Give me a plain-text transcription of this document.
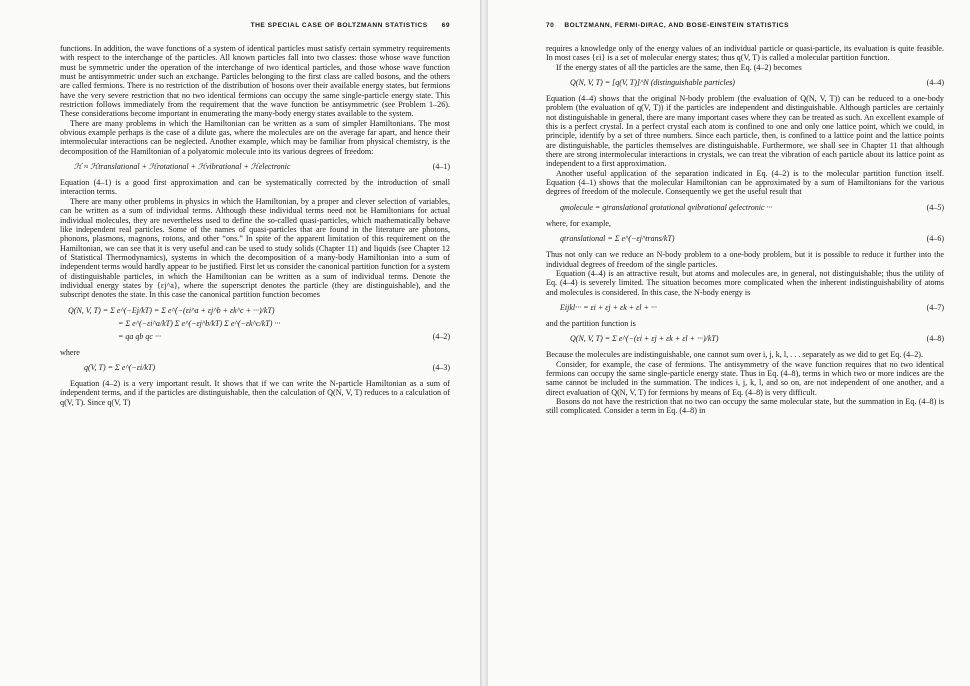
THE SPECIAL CASE OF BOLTZMANN STATISTICS 69

functions. In addition, the wave functions of a system of identical particles must satisfy certain symmetry requirements with respect to the interchange of the particles. All known particles fall into two classes: those whose wave function must be symmetric under the operation of the interchange of two identical particles, and those whose wave function must be antisymmetric under such an exchange. Particles belonging to the first class are called bosons, and the others are called fermions. There is no restriction of the distribution of bosons over their available energy states, but fermions have the very severe restriction that no two identical fermions can occupy the same single-particle energy state. This restriction follows immediately from the requirement that the wave function be antisymmetric (see Problem 1–26). These considerations become important in enumerating the many-body energy states available to the system.

There are many problems in which the Hamiltonian can be written as a sum of simpler Hamiltonians. The most obvious example perhaps is the case of a dilute gas, where the molecules are on the average far apart, and hence their intermolecular interactions can be neglected. Another example, which may be familiar from physical chemistry, is the decomposition of the Hamiltonian of a polyatomic molecule into its various degrees of freedom:

ℋ ≈ ℋtranslational + ℋrotational + ℋvibrational + ℋelectronic	(4–1)

Equation (4–1) is a good first approximation and can be systematically corrected by the introduction of small interaction terms.

There are many other problems in physics in which the Hamiltonian, by a proper and clever selection of variables, can be written as a sum of individual terms. Although these individual terms need not be Hamiltonians for actual individual molecules, they are nevertheless used to define the so-called quasi-particles, which mathematically behave like independent real particles. Some of the names of quasi-particles that are found in the literature are photons, phonons, plasmons, magnons, rotons, and other “ons.” In spite of the apparent limitation of this requirement on the Hamiltonian, we can see that it is very useful and can be used to study solids (Chapter 11) and liquids (see Chapter 12 of Statistical Thermodynamics), systems in which the decomposition of a many-body Hamiltonian into a sum of independent terms would hardly appear to be justified. First let us consider the canonical partition function for a system of distinguishable particles, in which the Hamiltonian can be written as a sum of individual terms. Denote the individual energy states by {εj^a}, where the superscript denotes the particle (they are distinguishable), and the subscript denotes the state. In this case the canonical partition function becomes

Q(N, V, T) = Σ e^(−Ej/kT) = Σ e^(−(εi^a + εj^b + εk^c + ···)/kT)
= Σ e^(−εi^a/kT) Σ e^(−εj^b/kT) Σ e^(−εk^c/kT) ···
= qa qb qc ···	(4–2)

where

q(V, T) = Σ e^(−εi/kT)	(4–3)

Equation (4–2) is a very important result. It shows that if we can write the N-particle Hamiltonian as a sum of independent terms, and if the particles are distinguishable, then the calculation of Q(N, V, T) reduces to a calculation of q(V, T). Since q(V, T)

70 BOLTZMANN, FERMI-DIRAC, AND BOSE-EINSTEIN STATISTICS

requires a knowledge only of the energy values of an individual particle or quasi-particle, its evaluation is quite feasible. In most cases {εi} is a set of molecular energy states; thus q(V, T) is called a molecular partition function.

If the energy states of all the particles are the same, then Eq. (4–2) becomes

Q(N, V, T) = [q(V, T)]^N (distinguishable particles)	(4–4)

Equation (4–4) shows that the original N-body problem (the evaluation of Q(N, V, T)) can be reduced to a one-body problem (the evaluation of q(V, T)) if the particles are independent and distinguishable. Although particles are certainly not distinguishable in general, there are many important cases where they can be treated as such. An excellent example of this is a perfect crystal. In a perfect crystal each atom is confined to one and only one lattice point, which we could, in principle, identify by a set of three numbers. Since each particle, then, is confined to a lattice point and the lattice points are distinguishable, the particles themselves are distinguishable. Furthermore, we shall see in Chapter 11 that although there are strong intermolecular interactions in crystals, we can treat the vibration of each particle about its lattice point as independent to a first approximation.

Another useful application of the separation indicated in Eq. (4–2) is to the molecular partition function itself. Equation (4–1) shows that the molecular Hamiltonian can be approximated by a sum of Hamiltonians for the various degrees of freedom of the molecule. Consequently we get the useful result that

qmolecule = qtranslational qrotational qvibrational qelectronic ···	(4–5)

where, for example,

qtranslational = Σ e^(−εj^trans/kT)	(4–6)

Thus not only can we reduce an N-body problem to a one-body problem, but it is possible to reduce it further into the individual degrees of freedom of the single particles.

Equation (4–4) is an attractive result, but atoms and molecules are, in general, not distinguishable; thus the utility of Eq. (4–4) is severely limited. The situation becomes more complicated when the inherent indistinguishability of atoms and molecules is considered. In this case, the N-body energy is

Eijkl··· = εi + εj + εk + εl + ···	(4–7)

and the partition function is

Q(N, V, T) = Σ e^(−(εi + εj + εk + εl + ···)/kT)	(4–8)

Because the molecules are indistinguishable, one cannot sum over i, j, k, l, . . . separately as we did to get Eq. (4–2).

Consider, for example, the case of fermions. The antisymmetry of the wave function requires that no two identical fermions can occupy the same single-particle energy state. Thus in Eq. (4–8), terms in which two or more indices are the same cannot be included in the summation. The indices i, j, k, l, and so on, are not independent of one another, and a direct evaluation of Q(N, V, T) for fermions by means of Eq. (4–8) is very difficult.

Bosons do not have the restriction that no two can occupy the same molecular state, but the summation in Eq. (4–8) is still complicated. Consider a term in Eq. (4–8) in
